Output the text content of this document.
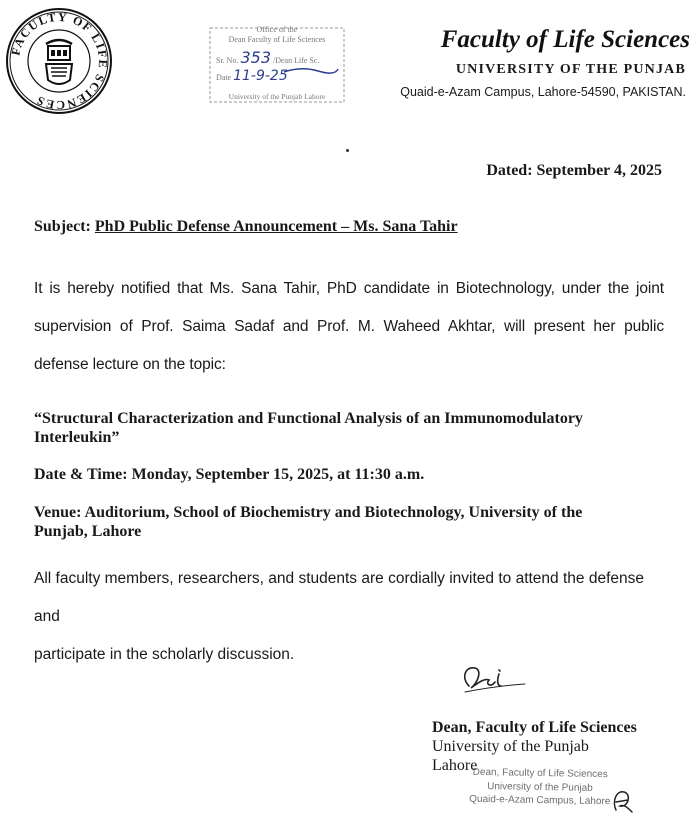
FACULTY OF LIFE SCIENCES
Office of the
Dean Faculty of Life Sciences
Sr. No. 353 /Dean Life Sc.
Date 11-9-25
University of the Punjab Lahore
Faculty of Life Sciences
UNIVERSITY OF THE PUNJAB
Quaid-e-Azam Campus, Lahore-54590, PAKISTAN.
Dated: September 4, 2025
Subject: PhD Public Defense Announcement – Ms. Sana Tahir
It is hereby notified that Ms. Sana Tahir, PhD candidate in Biotechnology, under the joint
supervision of Prof. Saima Sadaf and Prof. M. Waheed Akhtar, will present her public
defense lecture on the topic:
“Structural Characterization and Functional Analysis of an Immunomodulatory Interleukin”
Date & Time: Monday, September 15, 2025, at 11:30 a.m.
Venue: Auditorium, School of Biochemistry and Biotechnology, University of the Punjab, Lahore
All faculty members, researchers, and students are cordially invited to attend the defense and
participate in the scholarly discussion.
Dean, Faculty of Life Sciences
University of the Punjab
Lahore
Dean, Faculty of Life Sciences
University of the Punjab
Quaid-e-Azam Campus, Lahore
